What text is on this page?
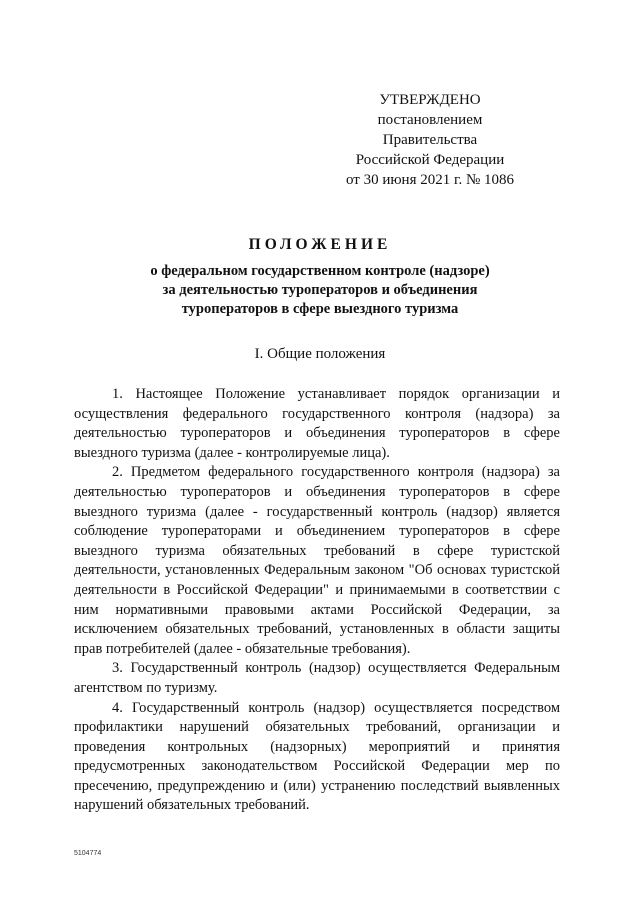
УТВЕРЖДЕНО
постановлением Правительства
Российской Федерации
от 30 июня 2021 г. № 1086
ПОЛОЖЕНИЕ
о федеральном государственном контроле (надзоре)
за деятельностью туроператоров и объединения
туроператоров в сфере выездного туризма
I. Общие положения

1. Настоящее Положение устанавливает порядок организации и осуществления федерального государственного контроля (надзора) за деятельностью туроператоров и объединения туроператоров в сфере выездного туризма (далее - контролируемые лица).

2. Предметом федерального государственного контроля (надзора) за деятельностью туроператоров и объединения туроператоров в сфере выездного туризма (далее - государственный контроль (надзор) является соблюдение туроператорами и объединением туроператоров в сфере выездного туризма обязательных требований в сфере туристской деятельности, установленных Федеральным законом "Об основах туристской деятельности в Российской Федерации" и принимаемыми в соответствии с ним нормативными правовыми актами Российской Федерации, за исключением обязательных требований, установленных в области защиты прав потребителей (далее - обязательные требования).

3. Государственный контроль (надзор) осуществляется Федеральным агентством по туризму.

4. Государственный контроль (надзор) осуществляется посредством профилактики нарушений обязательных требований, организации и проведения контрольных (надзорных) мероприятий и принятия предусмотренных законодательством Российской Федерации мер по пресечению, предупреждению и (или) устранению последствий выявленных нарушений обязательных требований.

5104774
